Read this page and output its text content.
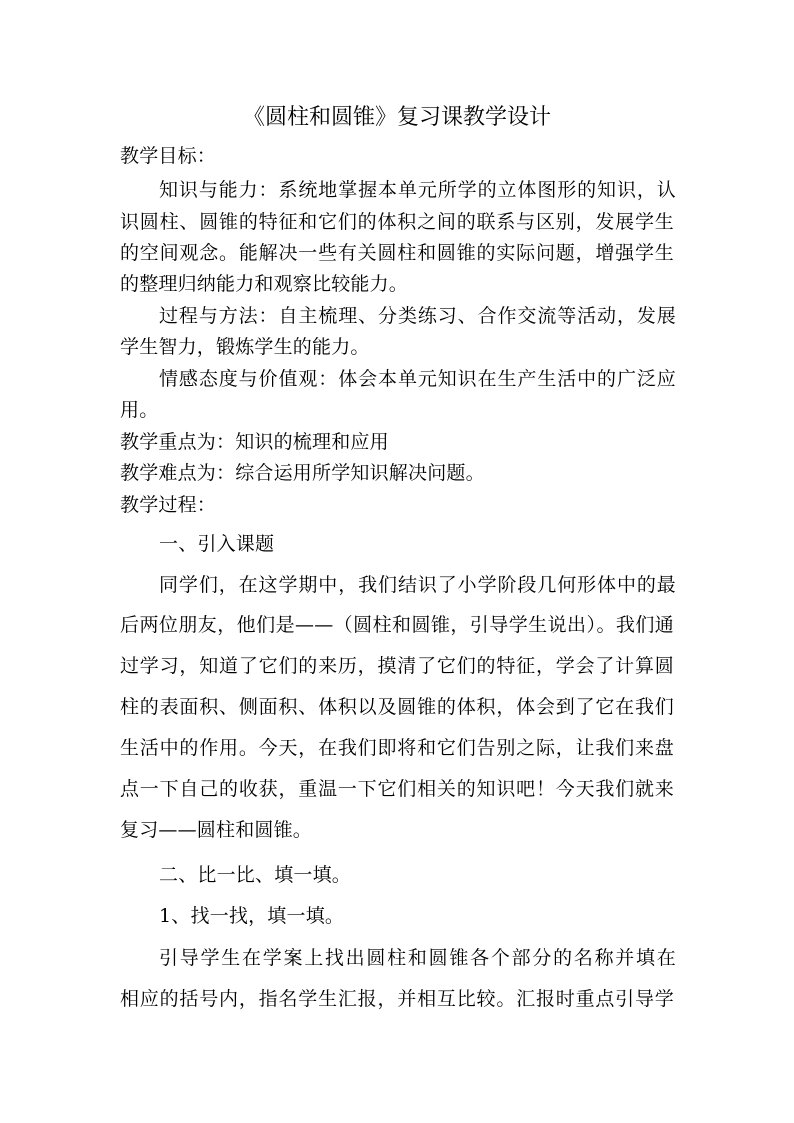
《圆柱和圆锥》复习课教学设计
教学目标：
知识与能力：系统地掌握本单元所学的立体图形的知识，认
识圆柱、圆锥的特征和它们的体积之间的联系与区别，发展学生
的空间观念。能解决一些有关圆柱和圆锥的实际问题，增强学生
的整理归纳能力和观察比较能力。
过程与方法：自主梳理、分类练习、合作交流等活动，发展
学生智力，锻炼学生的能力。
情感态度与价值观：体会本单元知识在生产生活中的广泛应
用。
教学重点为：知识的梳理和应用
教学难点为：综合运用所学知识解决问题。
教学过程：
一、引入课题
同学们，在这学期中，我们结识了小学阶段几何形体中的最
后两位朋友，他们是——（圆柱和圆锥，引导学生说出）。我们通
过学习，知道了它们的来历，摸清了它们的特征，学会了计算圆
柱的表面积、侧面积、体积以及圆锥的体积，体会到了它在我们
生活中的作用。今天，在我们即将和它们告别之际，让我们来盘
点一下自己的收获，重温一下它们相关的知识吧！今天我们就来
复习——圆柱和圆锥。
二、比一比、填一填。
1、找一找，填一填。
引导学生在学案上找出圆柱和圆锥各个部分的名称并填在
相应的括号内，指名学生汇报，并相互比较。汇报时重点引导学
